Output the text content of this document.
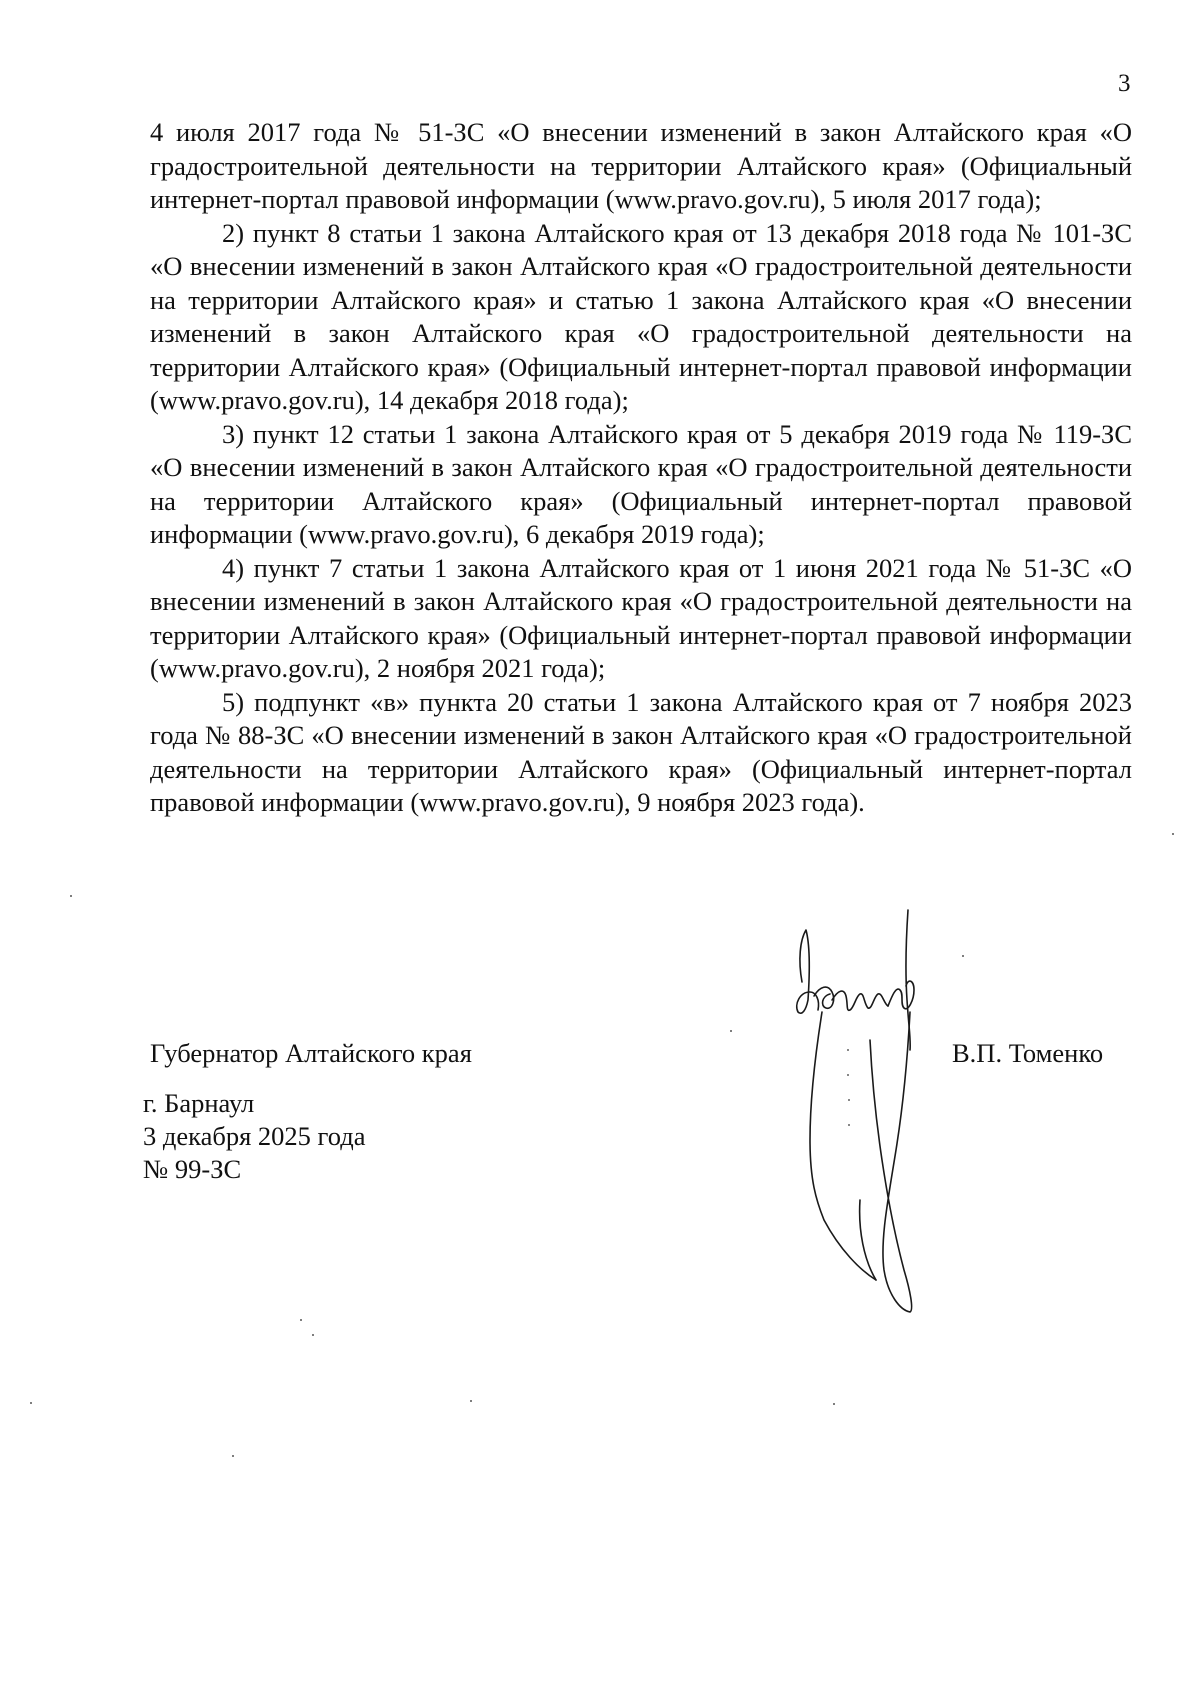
3

4 июля 2017 года № 51-ЗС «О внесении изменений в закон Алтайского края «О градостроительной деятельности на территории Алтайского края» (Официальный интернет-портал правовой информации (www.pravo.gov.ru), 5 июля 2017 года);

2) пункт 8 статьи 1 закона Алтайского края от 13 декабря 2018 года № 101-ЗС «О внесении изменений в закон Алтайского края «О градостроительной деятельности на территории Алтайского края» и статью 1 закона Алтайского края «О внесении изменений в закон Алтайского края «О градостроительной деятельности на территории Алтайского края» (Официальный интернет-портал правовой информации (www.pravo.gov.ru), 14 декабря 2018 года);

3) пункт 12 статьи 1 закона Алтайского края от 5 декабря 2019 года № 119-ЗС «О внесении изменений в закон Алтайского края «О градостроительной деятельности на территории Алтайского края» (Официальный интернет-портал правовой информации (www.pravo.gov.ru), 6 декабря 2019 года);

4) пункт 7 статьи 1 закона Алтайского края от 1 июня 2021 года № 51-ЗС «О внесении изменений в закон Алтайского края «О градостроительной деятельности на территории Алтайского края» (Официальный интернет-портал правовой информации (www.pravo.gov.ru), 2 ноября 2021 года);

5) подпункт «в» пункта 20 статьи 1 закона Алтайского края от 7 ноября 2023 года № 88-ЗС «О внесении изменений в закон Алтайского края «О градостроительной деятельности на территории Алтайского края» (Официальный интернет-портал правовой информации (www.pravo.gov.ru), 9 ноября 2023 года).

Губернатор Алтайского края	В.П. Томенко
г. Барнаул
3 декабря 2025 года
№ 99-ЗС
